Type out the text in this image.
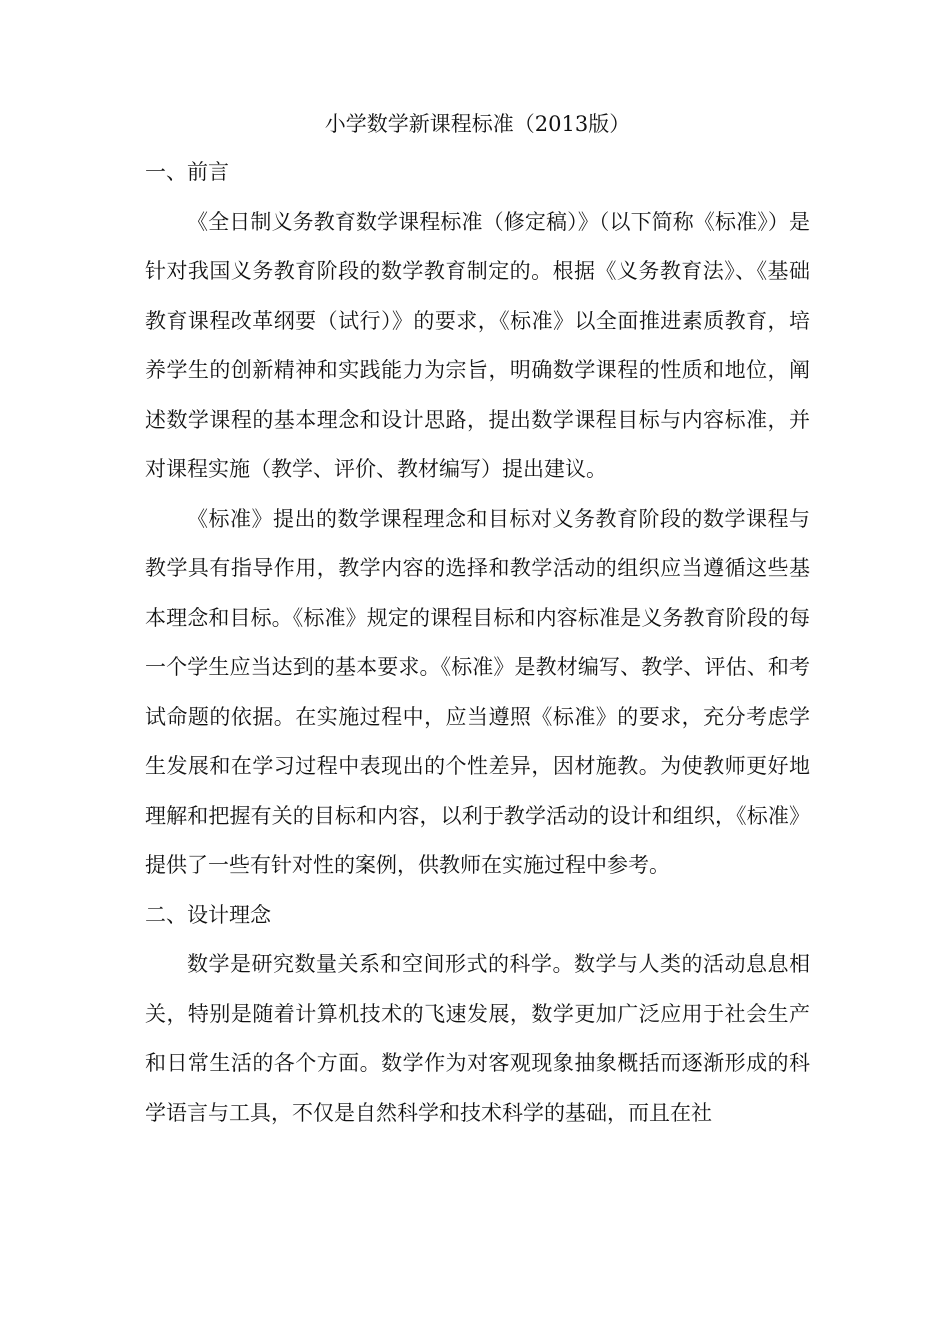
小学数学新课程标准（2013版）
一、前言

《全日制义务教育数学课程标准（修定稿）》（以下简称《标准》）是针对我国义务教育阶段的数学教育制定的。根据《义务教育法》、《基础教育课程改革纲要（试行）》的要求，《标准》以全面推进素质教育，培养学生的创新精神和实践能力为宗旨，明确数学课程的性质和地位，阐述数学课程的基本理念和设计思路，提出数学课程目标与内容标准，并对课程实施（教学、评价、教材编写）提出建议。

《标准》提出的数学课程理念和目标对义务教育阶段的数学课程与教学具有指导作用，教学内容的选择和教学活动的组织应当遵循这些基本理念和目标。《标准》规定的课程目标和内容标准是义务教育阶段的每一个学生应当达到的基本要求。《标准》是教材编写、教学、评估、和考试命题的依据。在实施过程中，应当遵照《标准》的要求，充分考虑学生发展和在学习过程中表现出的个性差异，因材施教。为使教师更好地理解和把握有关的目标和内容，以利于教学活动的设计和组织，《标准》提供了一些有针对性的案例，供教师在实施过程中参考。

二、设计理念

数学是研究数量关系和空间形式的科学。数学与人类的活动息息相关，特别是随着计算机技术的飞速发展，数学更加广泛应用于社会生产和日常生活的各个方面。数学作为对客观现象抽象概括而逐渐形成的科学语言与工具，不仅是自然科学和技术科学的基础，而且在社
